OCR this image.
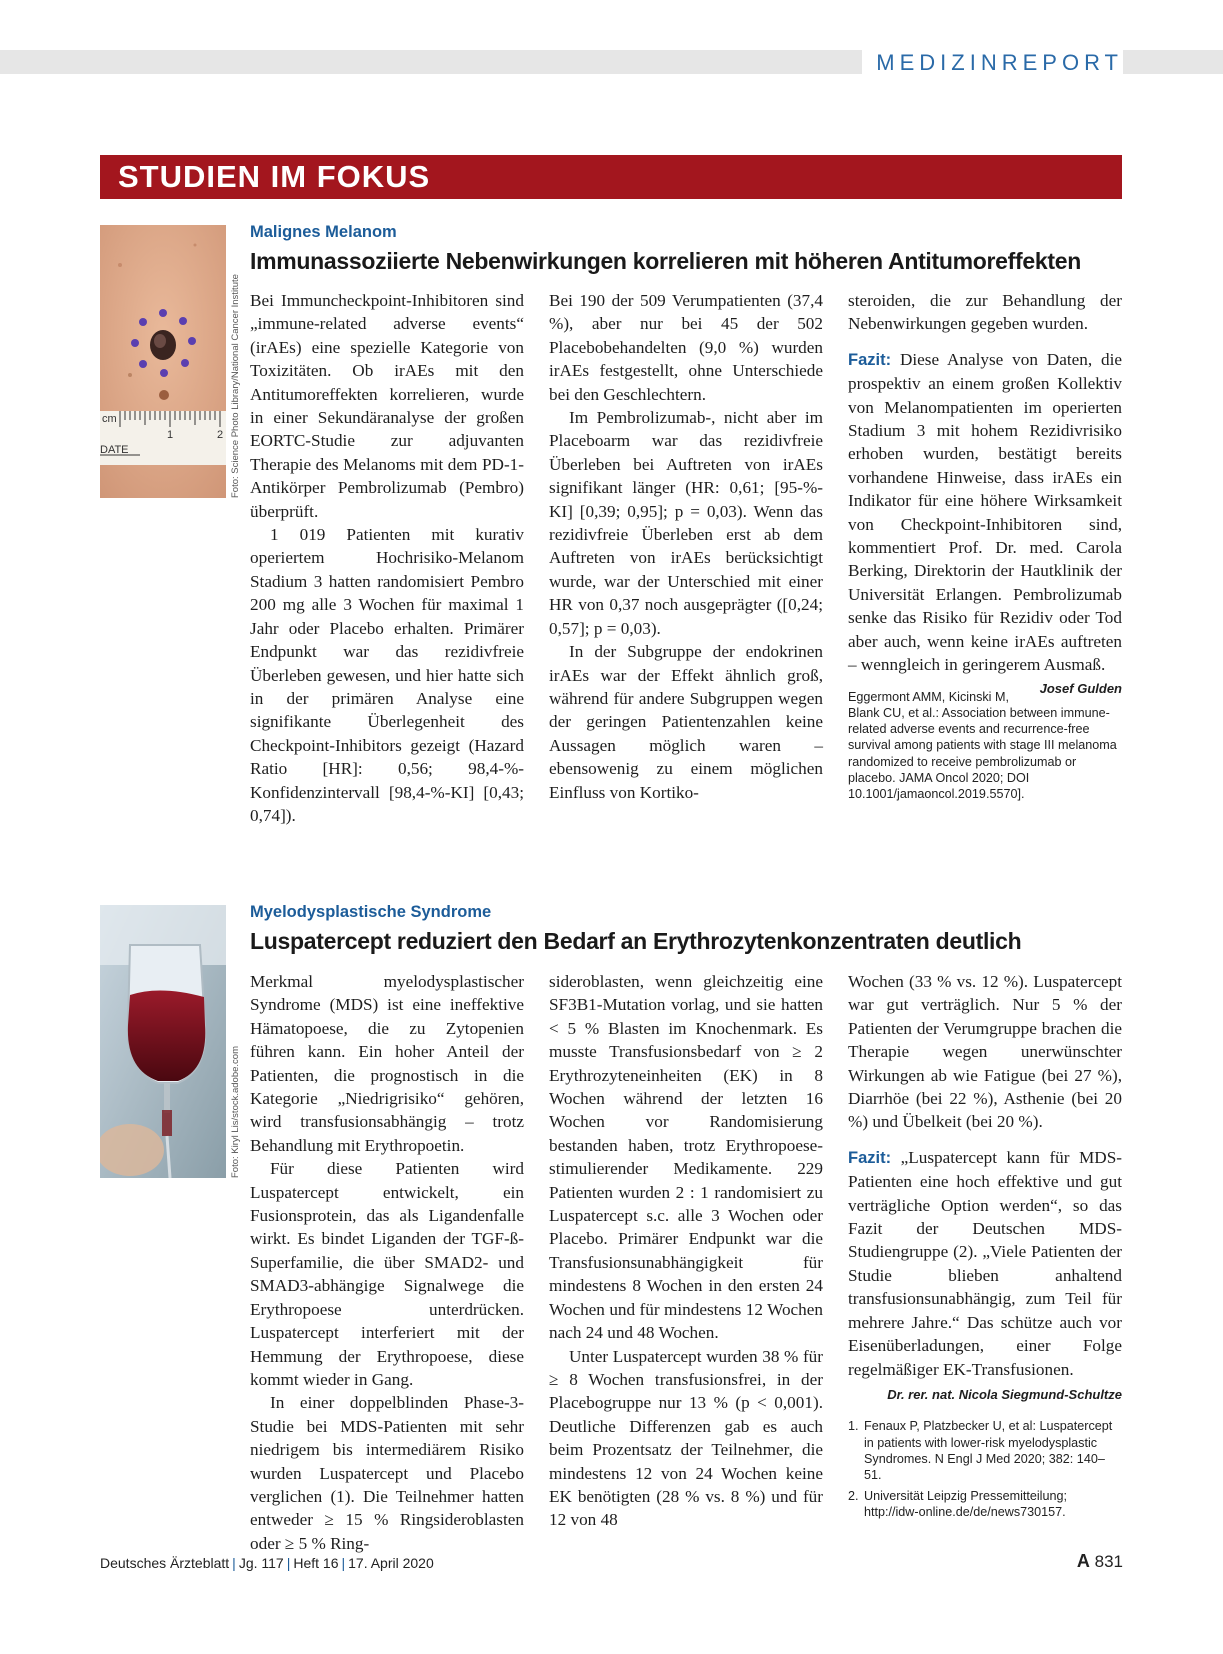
MEDIZINREPORT
STUDIEN IM FOKUS
cm
1	2
DATE	Foto: Science Photo Library/National Cancer Institute
Malignes Melanom
Immunassoziierte Nebenwirkungen korrelieren mit höheren Antitumoreffekten

Bei Immuncheckpoint-Inhibitoren sind „immune-related adverse events“ (irAEs) eine spezielle Kategorie von Toxizitäten. Ob irAEs mit den Antitumoreffekten korrelieren, wurde in einer Sekundäranalyse der großen EORTC-Studie zur adjuvanten Therapie des Melanoms mit dem PD-1-Antikörper Pembrolizumab (Pembro) überprüft.

1 019 Patienten mit kurativ operiertem Hochrisiko-Melanom Stadium 3 hatten randomisiert Pembro 200 mg alle 3 Wochen für maximal 1 Jahr oder Placebo erhalten. Primärer Endpunkt war das rezidivfreie Überleben gewesen, und hier hatte sich in der primären Analyse eine signifikante Überlegenheit des Checkpoint-Inhibitors gezeigt (Hazard Ratio [HR]: 0,56; 98,4-%-Konfidenzintervall [98,4-%-KI] [0,43; 0,74]).

Bei 190 der 509 Verumpatienten (37,4 %), aber nur bei 45 der 502 Placebobehandelten (9,0 %) wurden irAEs festgestellt, ohne Unterschiede bei den Geschlechtern.

Im Pembrolizumab-, nicht aber im Placeboarm war das rezidivfreie Überleben bei Auftreten von irAEs signifikant länger (HR: 0,61; [95-%-KI] [0,39; 0,95]; p = 0,03). Wenn das rezidivfreie Überleben erst ab dem Auftreten von irAEs berücksichtigt wurde, war der Unterschied mit einer HR von 0,37 noch ausgeprägter ([0,24; 0,57]; p = 0,03).

In der Subgruppe der endokrinen irAEs war der Effekt ähnlich groß, während für andere Subgruppen wegen der geringen Patientenzahlen keine Aussagen möglich waren – ebensowenig zu einem möglichen Einfluss von Kortiko-

steroiden, die zur Behandlung der Nebenwirkungen gegeben wurden.

Fazit: Diese Analyse von Daten, die prospektiv an einem großen Kollektiv von Melanompatienten im operierten Stadium 3 mit hohem Rezidivrisiko erhoben wurden, bestätigt bereits vorhandene Hinweise, dass irAEs ein Indikator für eine höhere Wirksamkeit von Checkpoint-Inhibitoren sind, kommentiert Prof. Dr. med. Carola Berking, Direktorin der Hautklinik der Universität Erlangen. Pembrolizumab senke das Risiko für Rezidiv oder Tod aber auch, wenn keine irAEs auftreten – wenngleich in geringerem Ausmaß.
Josef Gulden

Eggermont AMM, Kicinski M, Blank CU, et al.: Association between immune-related adverse events and recurrence-free survival among patients with stage III melanoma randomized to receive pembrolizumab or placebo. JAMA Oncol 2020; DOI 10.1001/jamaoncol.2019.5570].
Foto: Kiryl Lis/stock.adobe.com
Myelodysplastische Syndrome
Luspatercept reduziert den Bedarf an Erythrozytenkonzentraten deutlich

Merkmal myelodysplastischer Syndrome (MDS) ist eine ineffektive Hämatopoese, die zu Zytopenien führen kann. Ein hoher Anteil der Patienten, die prognostisch in die Kategorie „Niedrigrisiko“ gehören, wird transfusionsabhängig – trotz Behandlung mit Erythropoetin.

Für diese Patienten wird Luspatercept entwickelt, ein Fusionsprotein, das als Ligandenfalle wirkt. Es bindet Liganden der TGF-ß-Superfamilie, die über SMAD2- und SMAD3-abhängige Signalwege die Erythropoese unterdrücken. Luspatercept interferiert mit der Hemmung der Erythropoese, diese kommt wieder in Gang.

In einer doppelblinden Phase-3-Studie bei MDS-Patienten mit sehr niedrigem bis intermediärem Risiko wurden Luspatercept und Placebo verglichen (1). Die Teilnehmer hatten entweder ≥ 15 % Ringsideroblasten oder ≥ 5 % Ring-

sideroblasten, wenn gleichzeitig eine SF3B1-Mutation vorlag, und sie hatten < 5 % Blasten im Knochenmark. Es musste Transfusionsbedarf von ≥ 2 Erythrozyteneinheiten (EK) in 8 Wochen während der letzten 16 Wochen vor Randomisierung bestanden haben, trotz Erythropoese-stimulierender Medikamente. 229 Patienten wurden 2 : 1 randomisiert zu Luspatercept s.c. alle 3 Wochen oder Placebo. Primärer Endpunkt war die Transfusionsunabhängigkeit für mindestens 8 Wochen in den ersten 24 Wochen und für mindestens 12 Wochen nach 24 und 48 Wochen.

Unter Luspatercept wurden 38 % für ≥ 8 Wochen transfusionsfrei, in der Placebogruppe nur 13 % (p < 0,001). Deutliche Differenzen gab es auch beim Prozentsatz der Teilnehmer, die mindestens 12 von 24 Wochen keine EK benötigten (28 % vs. 8 %) und für 12 von 48

Wochen (33 % vs. 12 %). Luspatercept war gut verträglich. Nur 5 % der Patienten der Verumgruppe brachen die Therapie wegen unerwünschter Wirkungen ab wie Fatigue (bei 27 %), Diarrhöe (bei 22 %), Asthenie (bei 20 %) und Übelkeit (bei 20 %).

Fazit: „Luspatercept kann für MDS-Patienten eine hoch effektive und gut verträgliche Option werden“, so das Fazit der Deutschen MDS-Studiengruppe (2). „Viele Patienten der Studie blieben anhaltend transfusionsunabhängig, zum Teil für mehrere Jahre.“ Das schütze auch vor Eisenüberladungen, einer Folge regelmäßiger EK-Transfusionen.

Dr. rer. nat. Nicola Siegmund-Schultze
1. Fenaux P, Platzbecker U, et al: Luspatercept in patients with lower-risk myelodysplastic Syndromes. N Engl J Med 2020; 382: 140–51.
2. Universität Leipzig Pressemitteilung; http://idw-online.de/de/news730157.
Deutsches Ärzteblatt | Jg. 117 | Heft 16 | 17. April 2020	A 831
